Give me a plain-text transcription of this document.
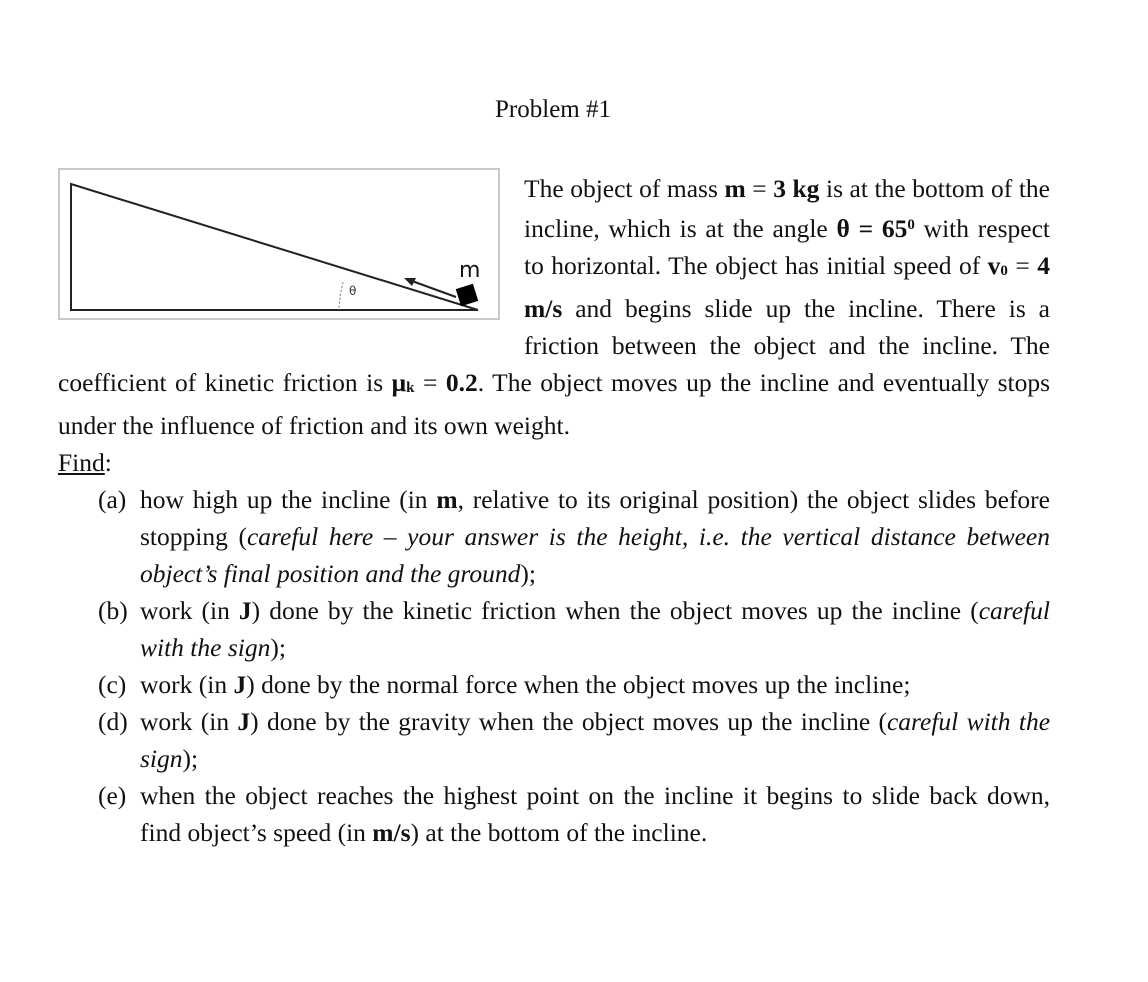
Problem #1
θ
m
The object of mass m = 3 kg is at the bottom of the incline, which is at the angle $\theta = 65^0$ with respect to horizontal. The object has initial speed of $v_0 = 4$ m/s and begins slide up the incline. There is a friction between the object and the incline. The coefficient of kinetic friction is $\mu_k = 0.2$. The object moves up the incline and eventually stops under the influence of friction and its own weight.
Find:
(a) how high up the incline (in m, relative to its original position) the object slides before stopping (careful here – your answer is the height, i.e. the vertical distance between object’s final position and the ground);
(b) work (in J) done by the kinetic friction when the object moves up the incline (careful with the sign);
(c) work (in J) done by the normal force when the object moves up the incline;
(d) work (in J) done by the gravity when the object moves up the incline (careful with the sign);
(e) when the object reaches the highest point on the incline it begins to slide back down, find object’s speed (in m/s) at the bottom of the incline.
